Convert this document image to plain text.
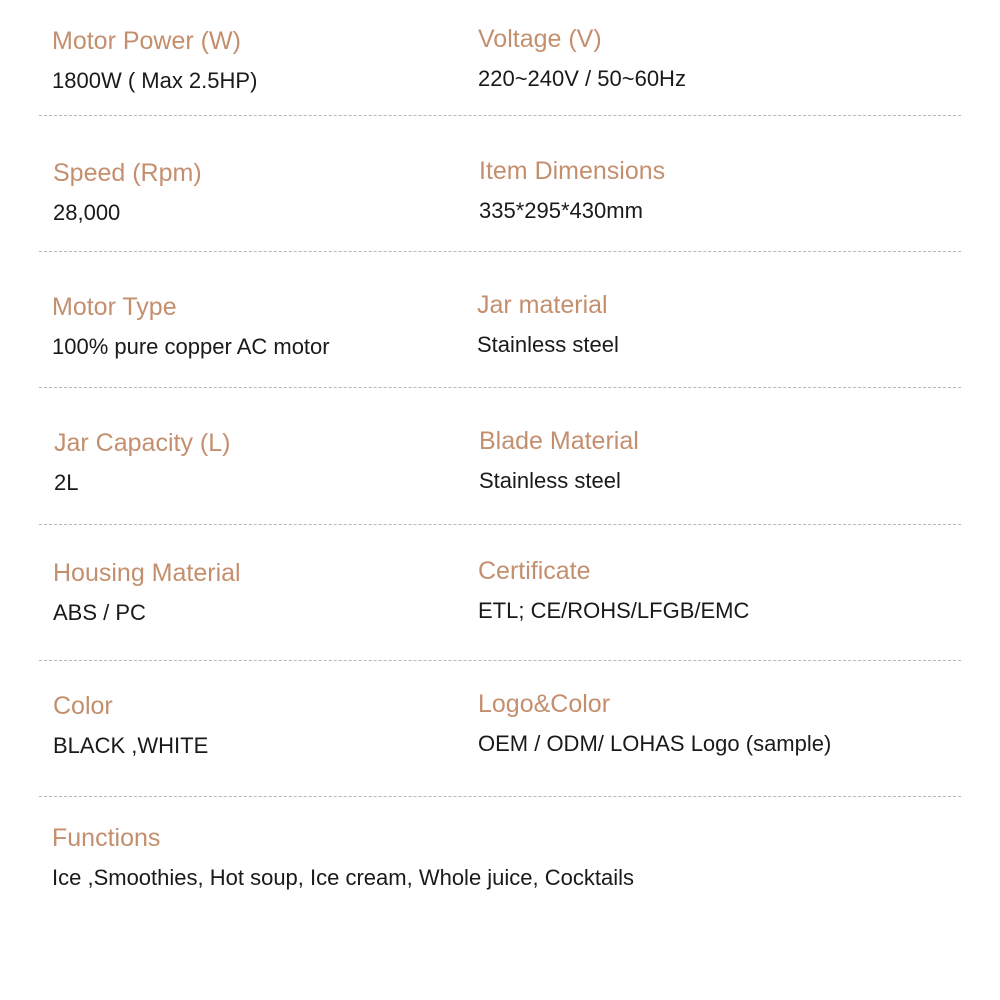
Motor Power (W)
1800W ( Max 2.5HP)
Voltage (V)
220~240V / 50~60Hz
Speed (Rpm)
28,000
Item Dimensions
335*295*430mm
Motor Type
100% pure copper AC motor
Jar material
Stainless steel
Jar Capacity (L)
2L
Blade Material
Stainless steel
Housing Material
ABS / PC
Certificate
ETL; CE/ROHS/LFGB/EMC
Color
BLACK ,WHITE
Logo&Color
OEM / ODM/ LOHAS Logo (sample)
Functions
Ice ,Smoothies, Hot soup, Ice cream, Whole juice, Cocktails
